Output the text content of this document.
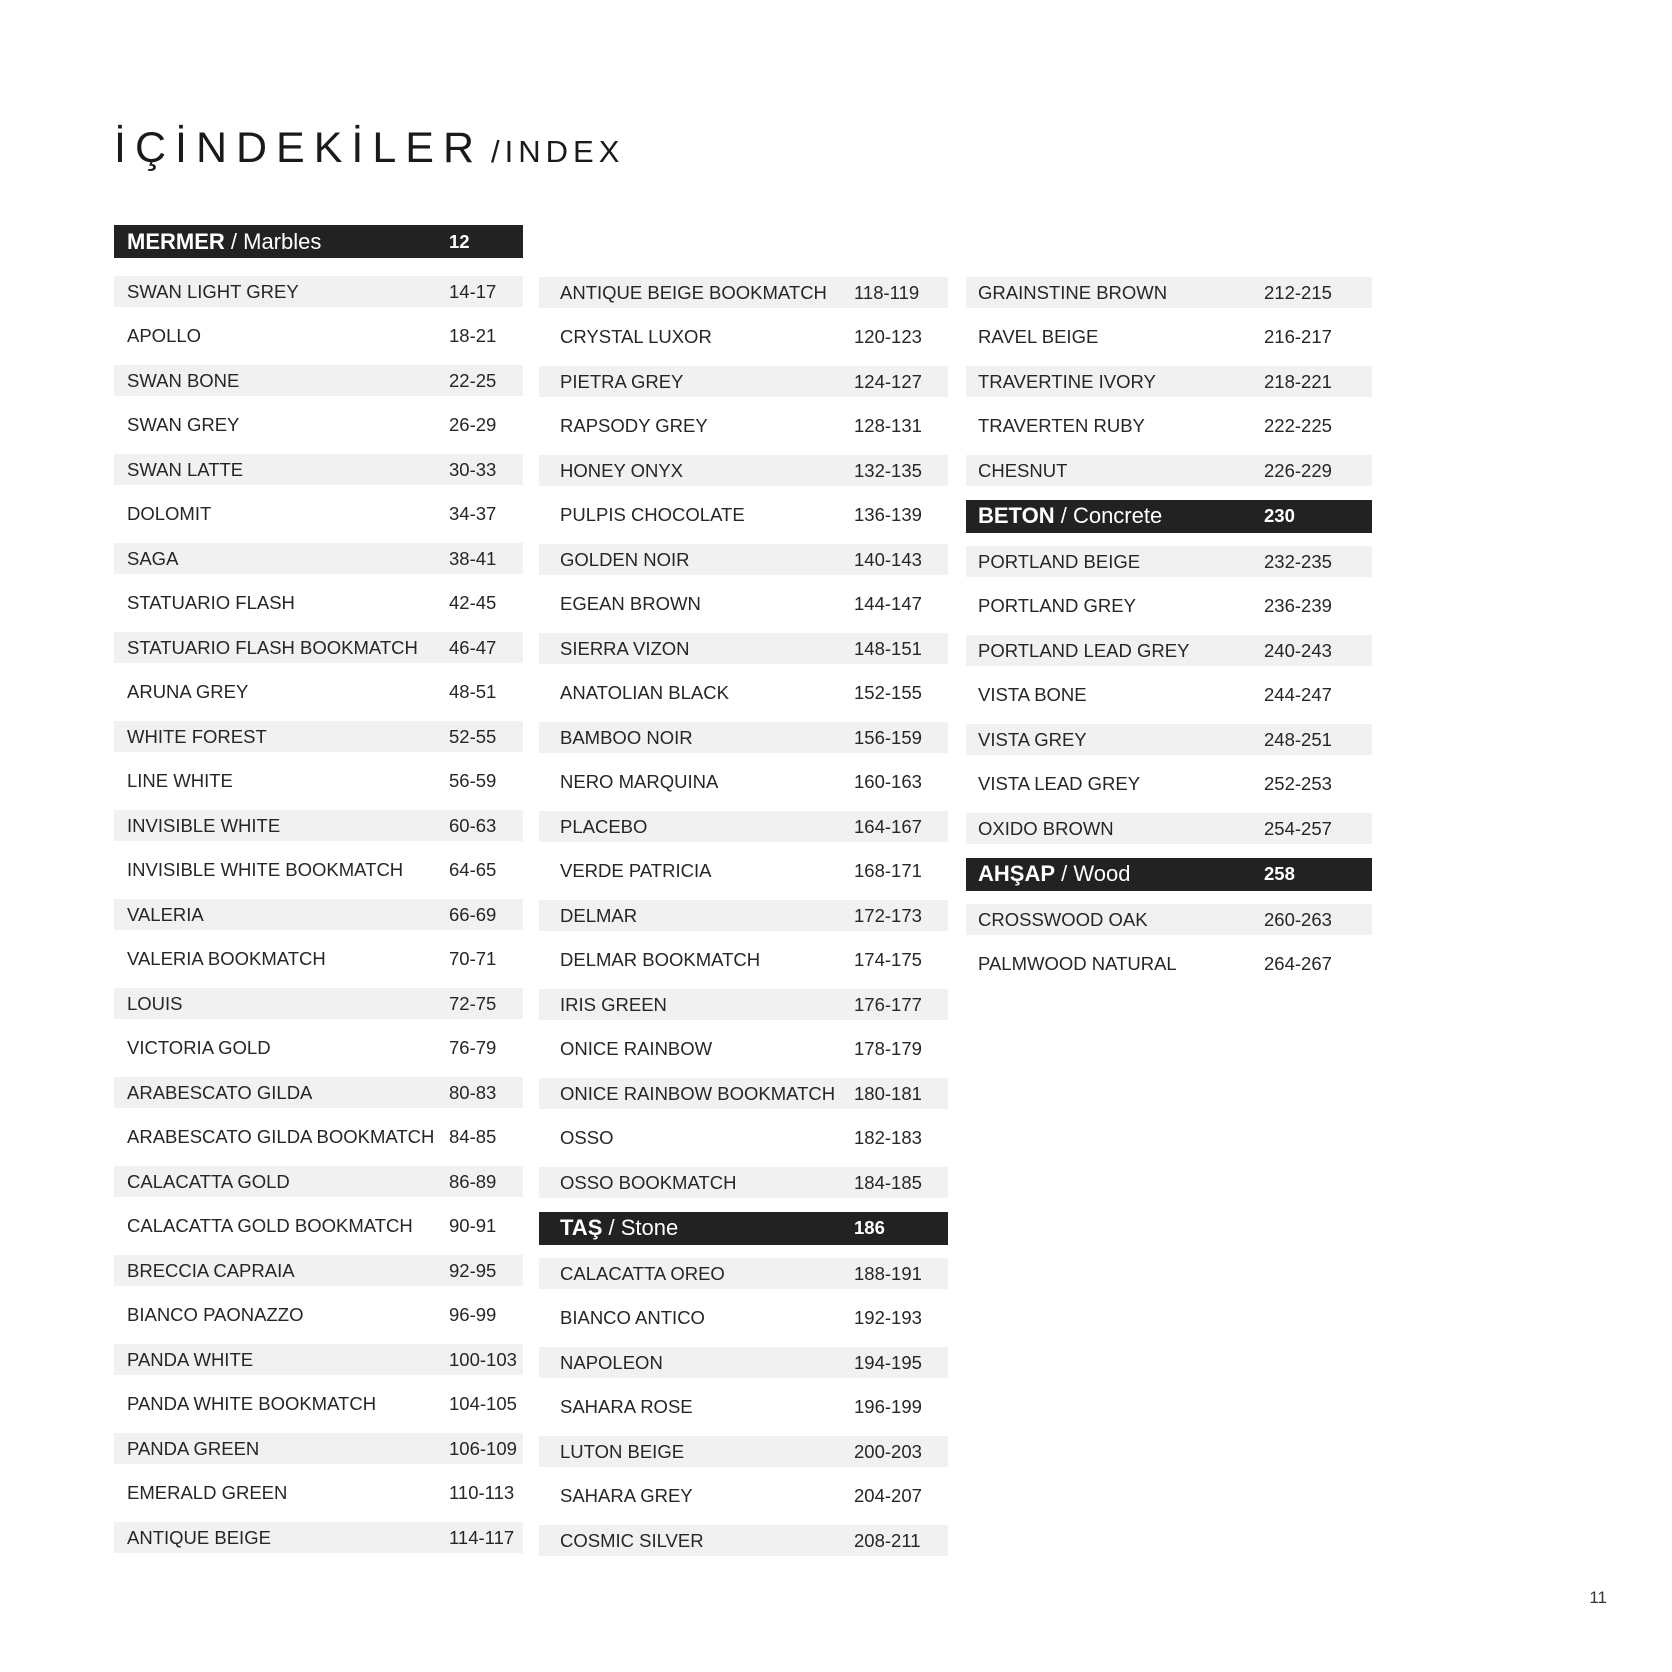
İÇİNDEKİLER /INDEX
MERMER / Marbles	12
SWAN LIGHT GREY	14-17
APOLLO	18-21
SWAN BONE	22-25
SWAN GREY	26-29
SWAN LATTE	30-33
DOLOMIT	34-37
SAGA	38-41
STATUARIO FLASH	42-45
STATUARIO FLASH BOOKMATCH 46-47
ARUNA GREY	48-51
WHITE FOREST	52-55
LINE WHITE	56-59
INVISIBLE WHITE	60-63
INVISIBLE WHITE BOOKMATCH 64-65
VALERIA	66-69
VALERIA BOOKMATCH	70-71
LOUIS	72-75
VICTORIA GOLD	76-79
ARABESCATO GILDA	80-83
ARABESCATO GILDA BOOKMATCH 84-85
CALACATTA GOLD	86-89
CALACATTA GOLD BOOKMATCH 90-91
BRECCIA CAPRAIA	92-95
BIANCO PAONAZZO	96-99
PANDA WHITE	100-103
PANDA WHITE BOOKMATCH	104-105
PANDA GREEN	106-109
EMERALD GREEN	110-113
ANTIQUE BEIGE	114-117
ANTIQUE BEIGE BOOKMATCH 118-119
CRYSTAL LUXOR	120-123
PIETRA GREY	124-127
RAPSODY GREY	128-131
HONEY ONYX	132-135
PULPIS CHOCOLATE	136-139
GOLDEN NOIR	140-143
EGEAN BROWN	144-147
SIERRA VIZON	148-151
ANATOLIAN BLACK	152-155
BAMBOO NOIR	156-159
NERO MARQUINA	160-163
PLACEBO	164-167
VERDE PATRICIA	168-171
DELMAR	172-173
DELMAR BOOKMATCH	174-175
IRIS GREEN	176-177
ONICE RAINBOW	178-179
ONICE RAINBOW BOOKMATCH 180-181
OSSO	182-183
OSSO BOOKMATCH	184-185
TAŞ / Stone	186
CALACATTA OREO	188-191
BIANCO ANTICO	192-193
NAPOLEON	194-195
SAHARA ROSE	196-199
LUTON BEIGE	200-203
SAHARA GREY	204-207
COSMIC SILVER	208-211
GRAINSTINE BROWN	212-215
RAVEL BEIGE	216-217
TRAVERTINE IVORY	218-221
TRAVERTEN RUBY	222-225
CHESNUT	226-229
BETON / Concrete	230
PORTLAND BEIGE	232-235
PORTLAND GREY	236-239
PORTLAND LEAD GREY	240-243
VISTA BONE	244-247
VISTA GREY	248-251
VISTA LEAD GREY	252-253
OXIDO BROWN	254-257
AHŞAP / Wood	258
CROSSWOOD OAK	260-263
PALMWOOD NATURAL	264-267
11
